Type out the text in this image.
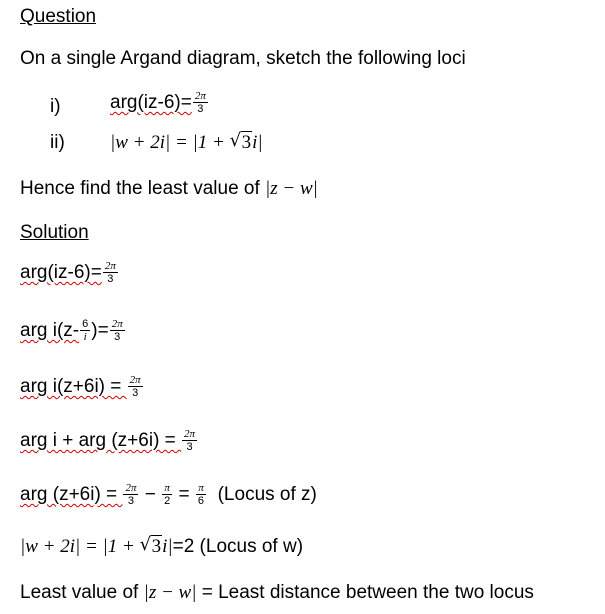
Question
On a single Argand diagram, sketch the following loci
i)	$arg(iz-6)= \frac{2\pi}{3}$
ii) |w + 2i| = |1 + √ 3i|
Hence find the least value of |z − w|
Solution
$arg(iz-6)= \frac{2\pi}{3}$
arg $i(z- \frac{6}{i}$ )= $\frac{2\pi}{3}$
arg $i(z+6i) = \frac{2\pi}{3}$
arg i + arg $(z+6i) = \frac{2\pi}{3}$
arg $(z+6i) = \frac{2\pi}{3} - \frac{\pi}{2} = \frac{\pi}{6}$ (Locus of z)
|w + 2i| = |1 + √ 3i|=2 (Locus of w)
Least value of |z − w| = Least distance between the two locus
